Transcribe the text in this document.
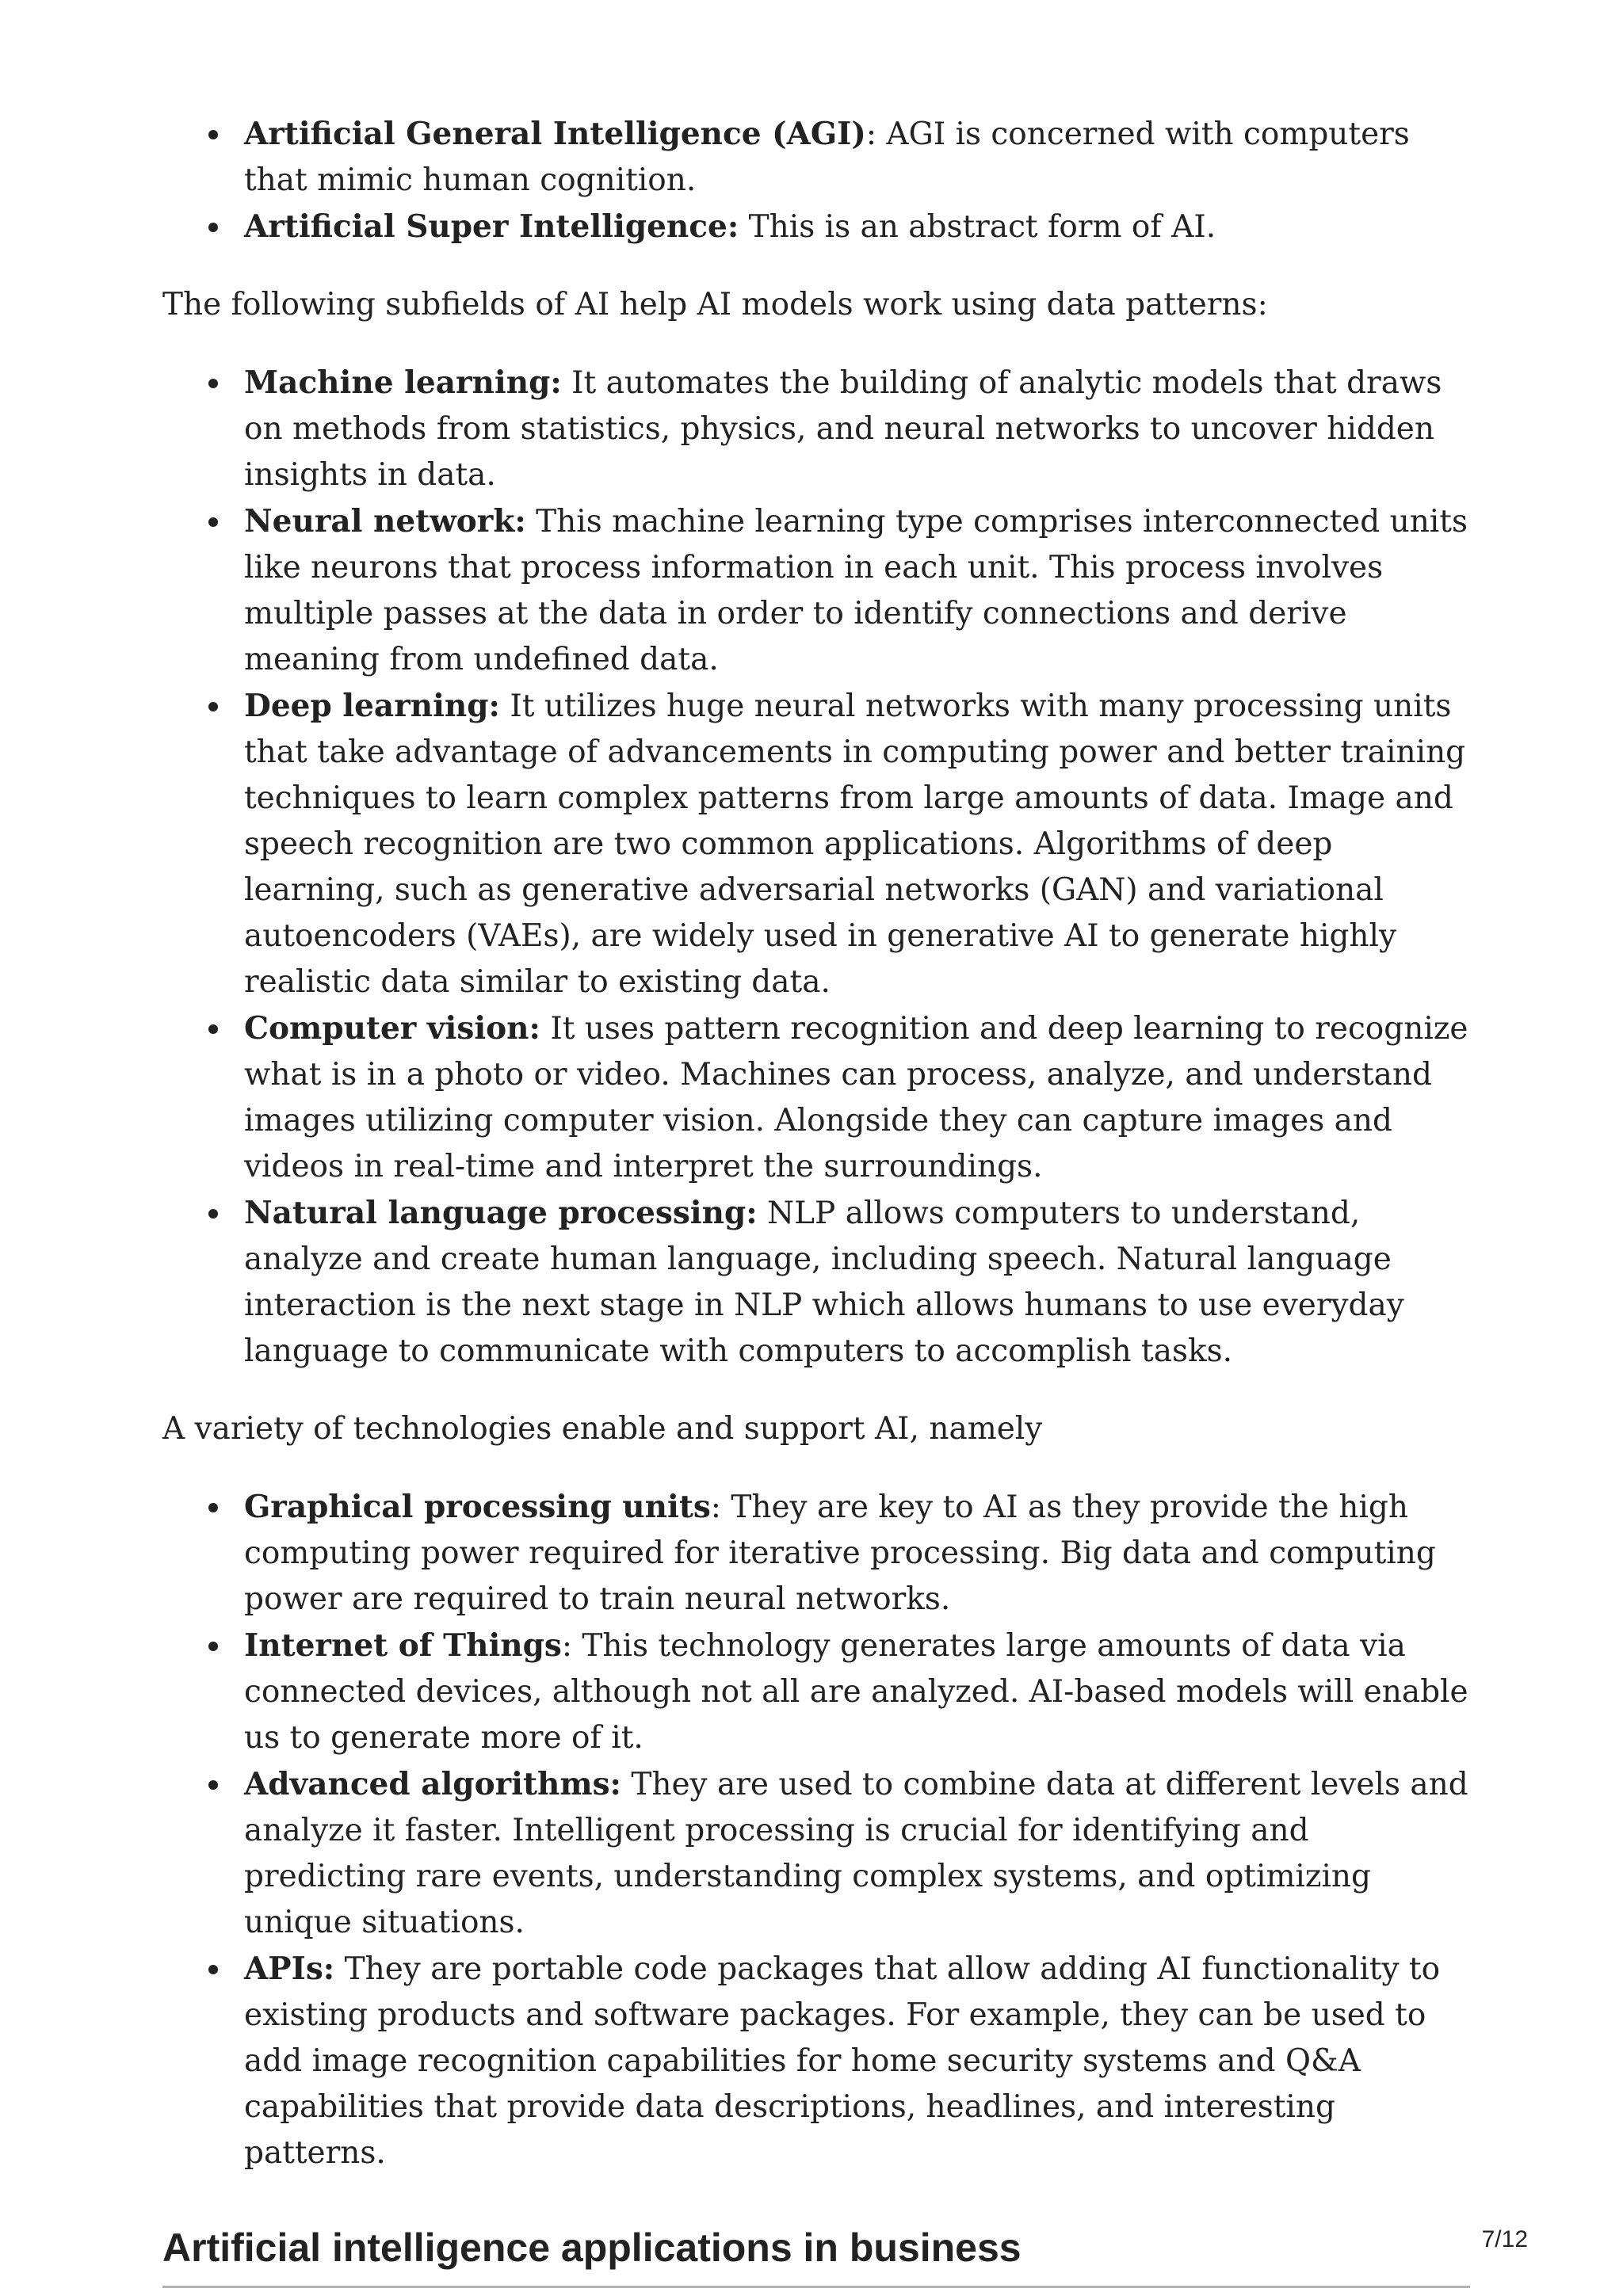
Artificial General Intelligence (AGI): AGI is concerned with computers that mimic human cognition.
Artificial Super Intelligence: This is an abstract form of AI.

The following subfields of AI help AI models work using data patterns:

Machine learning: It automates the building of analytic models that draws on methods from statistics, physics, and neural networks to uncover hidden insights in data.
Neural network: This machine learning type comprises interconnected units like neurons that process information in each unit. This process involves multiple passes at the data in order to identify connections and derive meaning from undefined data.
Deep learning: It utilizes huge neural networks with many processing units that take advantage of advancements in computing power and better training techniques to learn complex patterns from large amounts of data. Image and speech recognition are two common applications. Algorithms of deep learning, such as generative adversarial networks (GAN) and variational autoencoders (VAEs), are widely used in generative AI to generate highly realistic data similar to existing data.
Computer vision: It uses pattern recognition and deep learning to recognize what is in a photo or video. Machines can process, analyze, and understand images utilizing computer vision. Alongside they can capture images and videos in real-time and interpret the surroundings.
Natural language processing: NLP allows computers to understand, analyze and create human language, including speech. Natural language interaction is the next stage in NLP which allows humans to use everyday language to communicate with computers to accomplish tasks.

A variety of technologies enable and support AI, namely

Graphical processing units: They are key to AI as they provide the high computing power required for iterative processing. Big data and computing power are required to train neural networks.
Internet of Things: This technology generates large amounts of data via connected devices, although not all are analyzed. AI-based models will enable us to generate more of it.
Advanced algorithms: They are used to combine data at different levels and analyze it faster. Intelligent processing is crucial for identifying and predicting rare events, understanding complex systems, and optimizing unique situations.
APIs: They are portable code packages that allow adding AI functionality to existing products and software packages. For example, they can be used to add image recognition capabilities for home security systems and Q&A capabilities that provide data descriptions, headlines, and interesting patterns.
Artificial intelligence applications in business	7/12
